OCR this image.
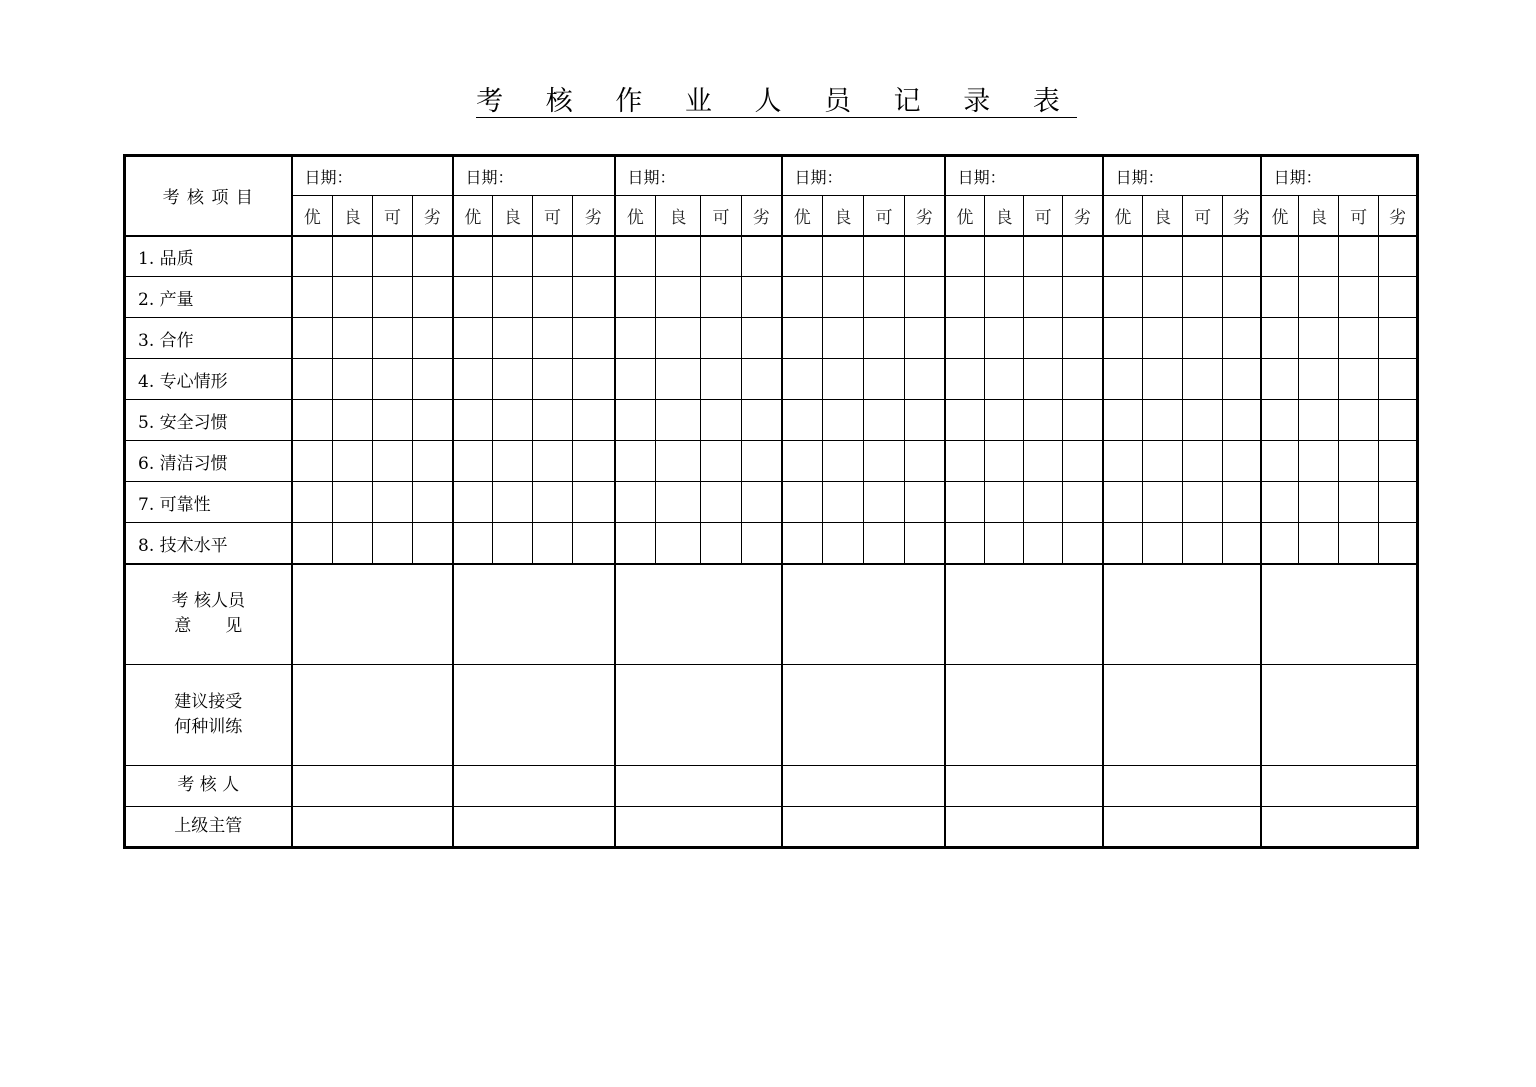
考 核 作 业 人 员 记 录 表
考 核 项 目	日期：				日期：				日期：				日期：				日期：				日期：				日期：			
	优	良	可	劣	优	良	可	劣	优	良	可	劣	优	良	可	劣	优	良	可	劣	优	良	可	劣	优	良	可	劣
1. 品质																												
2. 产量																												
3. 合作																												
4. 专心情形																												
5. 安全习惯																												
6. 清洁习惯																												
7. 可靠性																												
8. 技术水平																												

考 核人员
意　　见																												

建议接受
何种训练																												

考 核 人																												

上级主管																												
